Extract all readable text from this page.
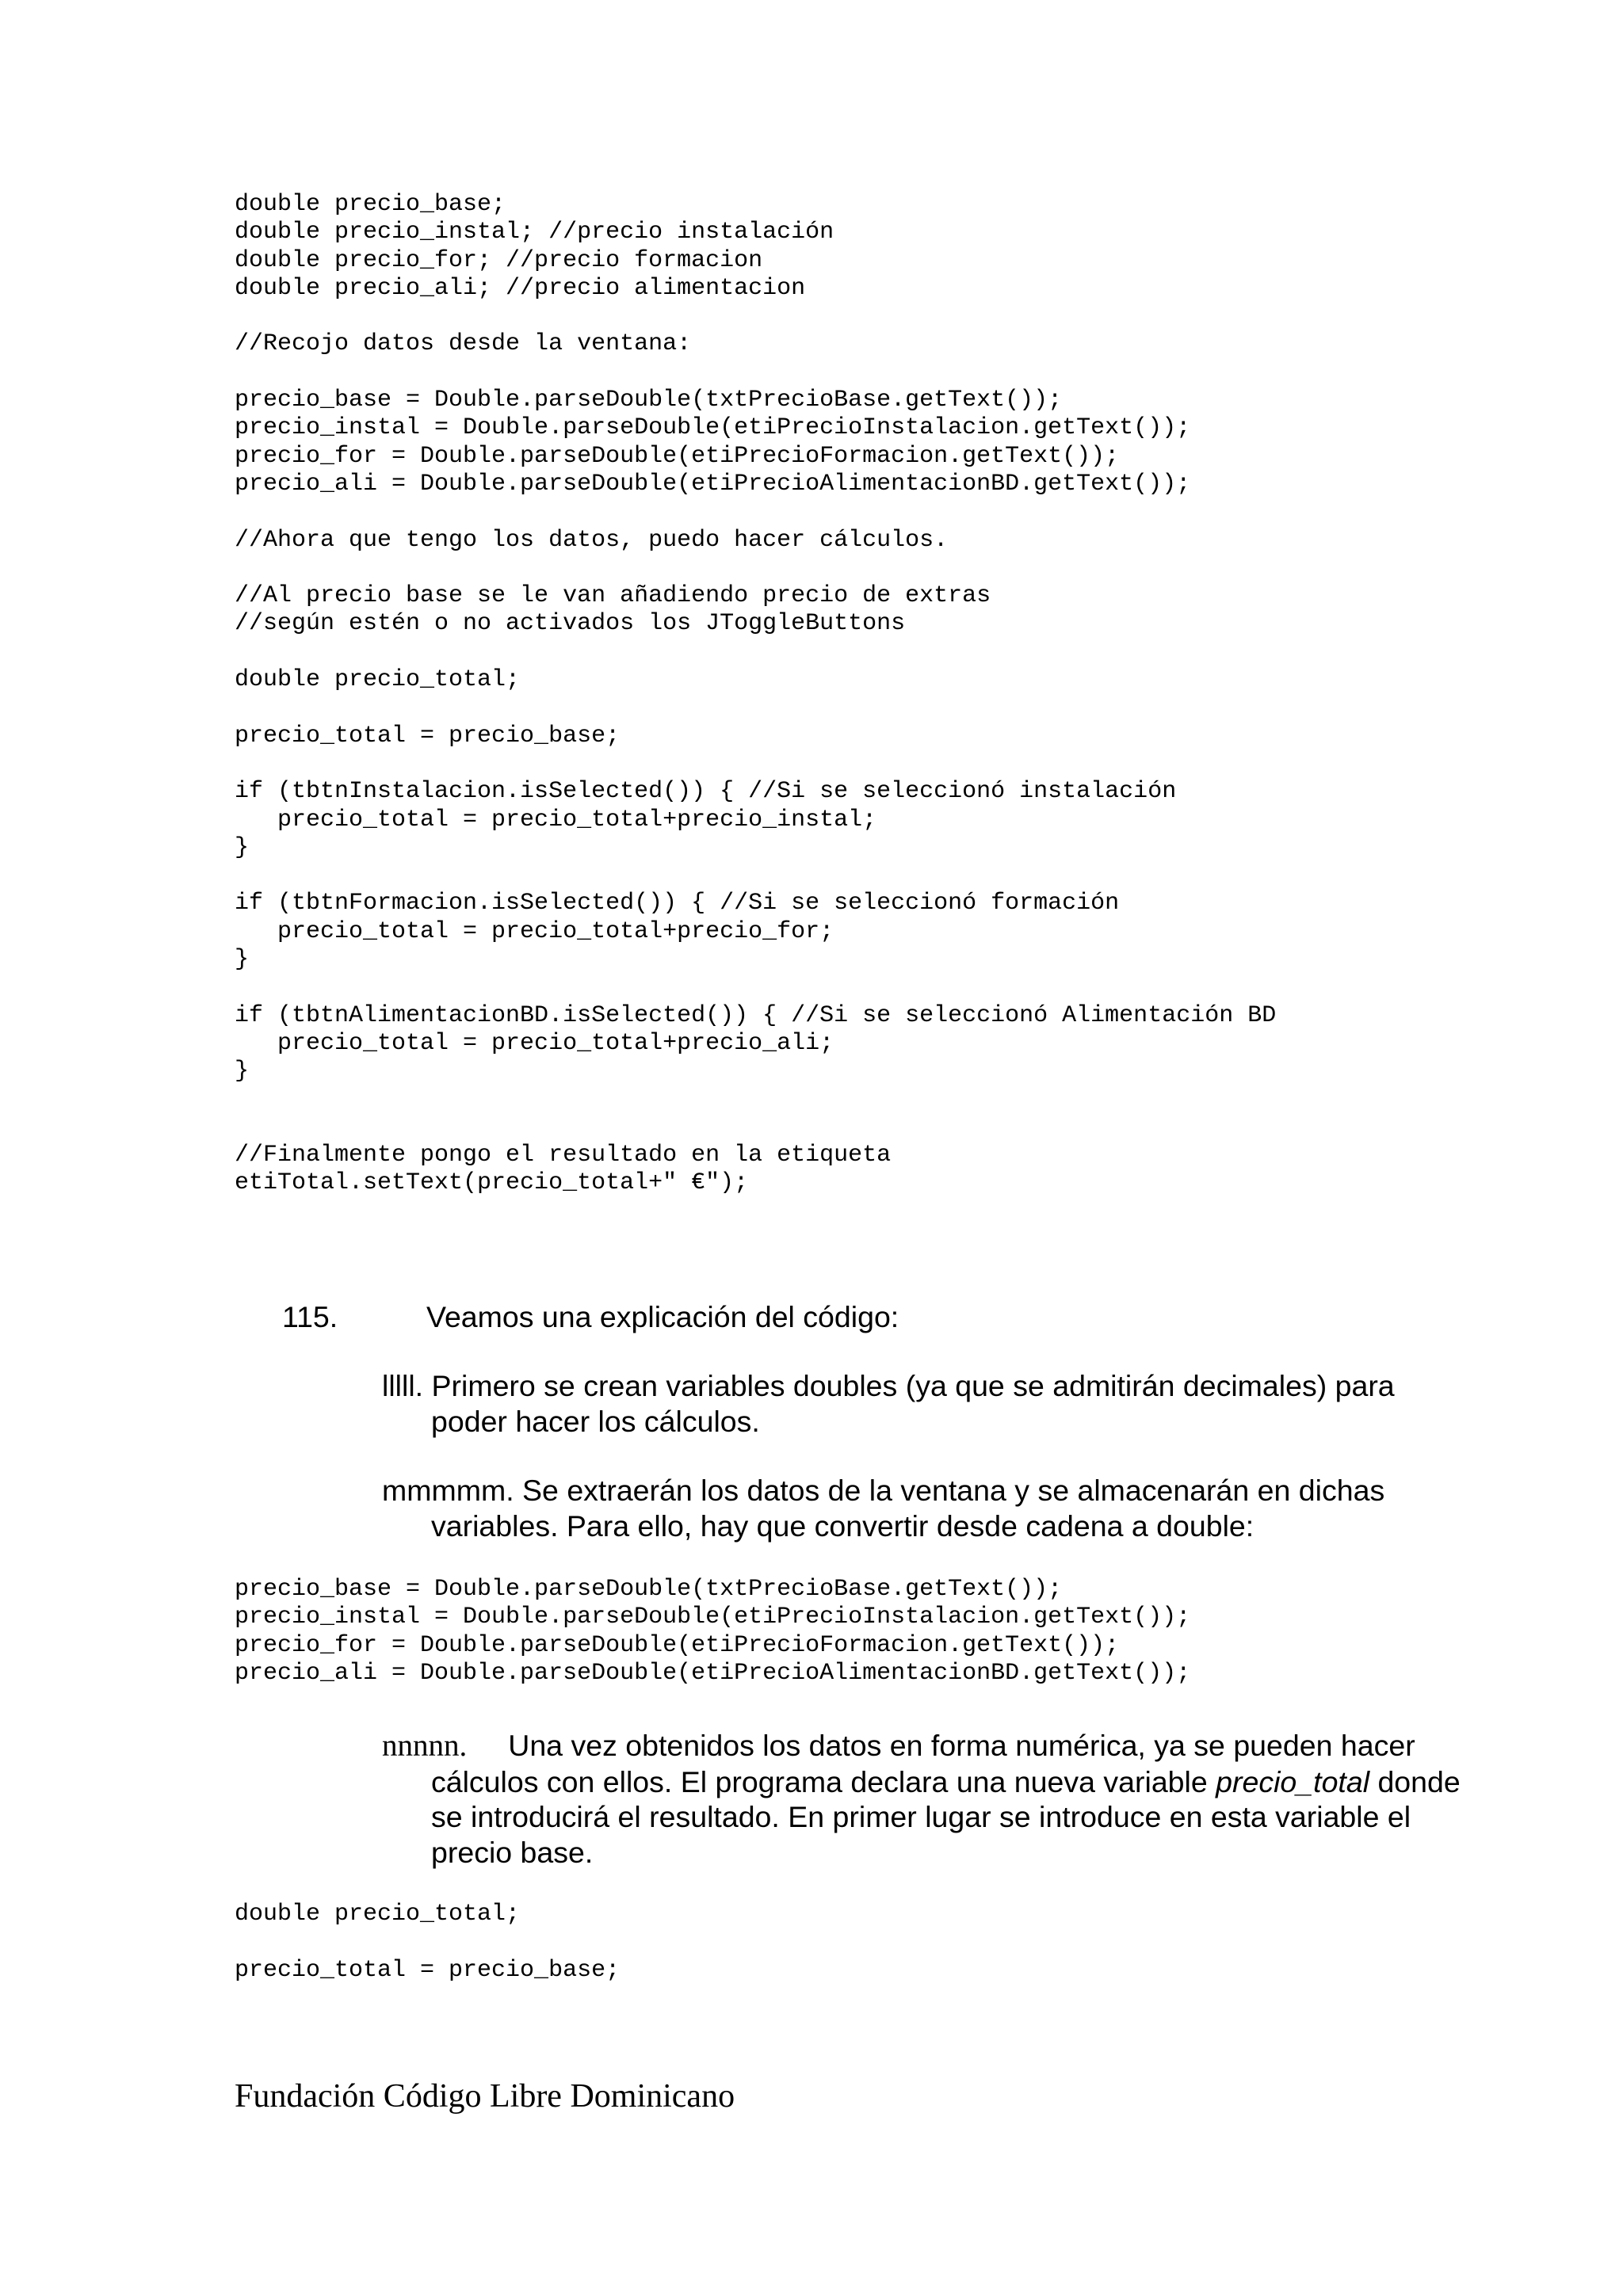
double precio_base;
double precio_instal; //precio instalación
double precio_for; //precio formacion
double precio_ali; //precio alimentacion

//Recojo datos desde la ventana:

precio_base = Double.parseDouble(txtPrecioBase.getText());
precio_instal = Double.parseDouble(etiPrecioInstalacion.getText());
precio_for = Double.parseDouble(etiPrecioFormacion.getText());
precio_ali = Double.parseDouble(etiPrecioAlimentacionBD.getText());

//Ahora que tengo los datos, puedo hacer cálculos.

//Al precio base se le van añadiendo precio de extras
//según estén o no activados los JToggleButtons

double precio_total;

precio_total = precio_base;

if (tbtnInstalacion.isSelected()) { //Si se seleccionó instalación
precio_total = precio_total+precio_instal;
}

if (tbtnFormacion.isSelected()) { //Si se seleccionó formación
precio_total = precio_total+precio_for;
}

if (tbtnAlimentacionBD.isSelected()) { //Si se seleccionó Alimentación BD
precio_total = precio_total+precio_ali;
}

//Finalmente pongo el resultado en la etiqueta
etiTotal.setText(precio_total+" €");
115.	Veamos una explicación del código:
lllll. Primero se crean variables doubles (ya que se admitirán decimales) para
poder hacer los cálculos.
mmmmm. Se extraerán los datos de la ventana y se almacenarán en dichas
variables. Para ello, hay que convertir desde cadena a double:
precio_base = Double.parseDouble(txtPrecioBase.getText());
precio_instal = Double.parseDouble(etiPrecioInstalacion.getText());
precio_for = Double.parseDouble(etiPrecioFormacion.getText());
precio_ali = Double.parseDouble(etiPrecioAlimentacionBD.getText());
nnnnn. Una vez obtenidos los datos en forma numérica, ya se pueden hacer
cálculos con ellos. El programa declara una nueva variable precio_total donde
se introducirá el resultado. En primer lugar se introduce en esta variable el
precio base.
double precio_total;

precio_total = precio_base;
Fundación Código Libre Dominicano
